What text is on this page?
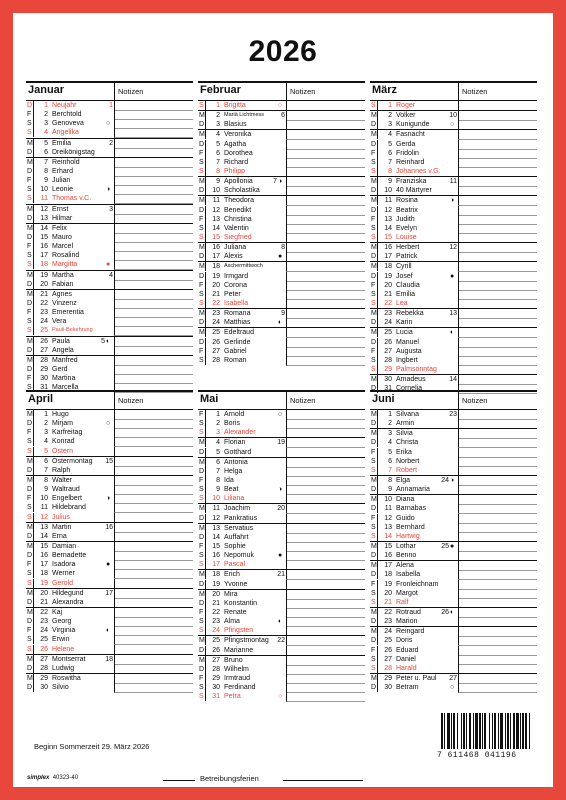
2026
Januar	Notizen
D	1 Neujahr	1
F	2 Berchtold
S	3 Genoveva	○
S	4 Angelika
M	5 Emilia	2
D	6 Dreikönigstag
M	7 Reinhold
D	8 Erhard
F	9 Julian
S	10 Leonie	◑
S	11 Thomas v.C.
M	12 Ernst	3
D	13 Hilmar
M	14 Felix
D	15 Mauro
F	16 Marcel
S	17 Rosalind
S	18 Margitta	●
M	19 Martha	4
D	20 Fabian
M	21 Agnes
D	22 Vinzenz
F	23 Emerentia
S	24 Vera
S	25 Pauli-Bekehrung
M	26 Paula	5 ◐
D	27 Angela
M	28 Manfred
D	29 Gerd
F	30 Martina
S	31 Marcella
Februar	Notizen
S	1 Brigitta	○
M	2 Mariä Lichtmess	6
D	3 Blasius
M	4 Veronika
D	5 Agatha
F	6 Dorothea
S	7 Richard
S	8 Philipp
M	9 Apollonia	7 ◑
D	10 Scholastika
M	11 Theodora
D	12 Benedikt
F	13 Christina
S	14 Valentin
S	15 Siegfried
M	16 Juliana	8
D	17 Alexis	●
M	18 Aschermittwoch
D	19 Irmgard
F	20 Corona
S	21 Peter
S	22 Isabella
M	23 Romana	9
D	24 Matthias	◐
M	25 Edeltraud
D	26 Gerlinde
F	27 Gabriel
S	28 Roman
März	Notizen
S	1 Roger
M	2 Volker	10
D	3 Kunigunde	○
M	4 Fasnacht
D	5 Gerda
F	6 Fridolin
S	7 Reinhard
S	8 Johannes v.G.
M	9 Franziska	11
D	10 40 Märtyrer
M	11 Rosina	◑
D	12 Beatrix
F	13 Judith
S	14 Evelyn
S	15 Louise
M	16 Herbert	12
D	17 Patrick
M	18 Cyrill
D	19 Josef	●
F	20 Claudia
S	21 Emilia
S	22 Lea
M	23 Rebekka	13
D	24 Karin
M	25 Lucia	◐
D	26 Manuel
F	27 Augusta
S	28 Ingbert
S	29 Palmsonntag
M	30 Amadeus	14
D	31 Cornelia
April	Notizen
M	1 Hugo
D	2 Mirjam	○
F	3 Karfreitag
S	4 Konrad
S	5 Ostern
M	6 Ostermontag	15
D	7 Ralph
M	8 Walter
D	9 Waltraud
F	10 Engelbert	◑
S	11 Hildebrand
S	12 Julius
M	13 Martin	16
D	14 Erna
M	15 Damian
D	16 Bernadette
F	17 Isadora	●
S	18 Werner
S	19 Gerold
M	20 Hildegund	17
D	21 Alexandra
M	22 Kaj
D	23 Georg
F	24 Virginia	◐
S	25 Erwin
S	26 Helene
M	27 Montserrat	18
D	28 Ludwig
M	29 Roswitha
D	30 Silvio
Mai	Notizen
F	1 Arnold	○
S	2 Boris
S	3 Alexander
M	4 Florian	19
D	5 Gotthard
M	6 Antonia
D	7 Helga
F	8 Ida
S	9 Beat	◑
S	10 Liliana
M	11 Joachim	20
D	12 Pankratius
M	13 Servatius
D	14 Auffahrt
F	15 Sophie
S	16 Nepomuk	●
S	17 Pascal
M	18 Erich	21
D	19 Yvonne
M	20 Mira
D	21 Konstantin
F	22 Renate
S	23 Alma	◐
S	24 Pfingsten
M	25 Pfingstmontag	22
D	26 Marianne
M	27 Bruno
D	28 Wilhelm
F	29 Irmtraud
S	30 Ferdinand
S	31 Petra	○
Juni	Notizen
M	1 Silvana	23
D	2 Armin
M	3 Silvia
D	4 Christa
F	5 Erika
S	6 Norbert
S	7 Robert
M	8 Elga	24 ◑
D	9 Annamaria
M	10 Diana
D	11 Barnabas
F	12 Guido
S	13 Bernhard
S	14 Hartwig
M	15 Lothar	25 ●
D	16 Benno
M	17 Alena
D	18 Isabella
F	19 Fronleichnam
S	20 Margot
S	21 Ralf
M	22 Rotraud	26 ◐
D	23 Marion
M	24 Reingard
D	25 Doris
F	26 Eduard
S	27 Daniel
S	28 Harald
M	29 Peter u. Paul	27
D	30 Betram	○
Betreibungsferien
Beginn Sommerzeit 29. März 2026
simplex 40323-40
7 611468 041196
